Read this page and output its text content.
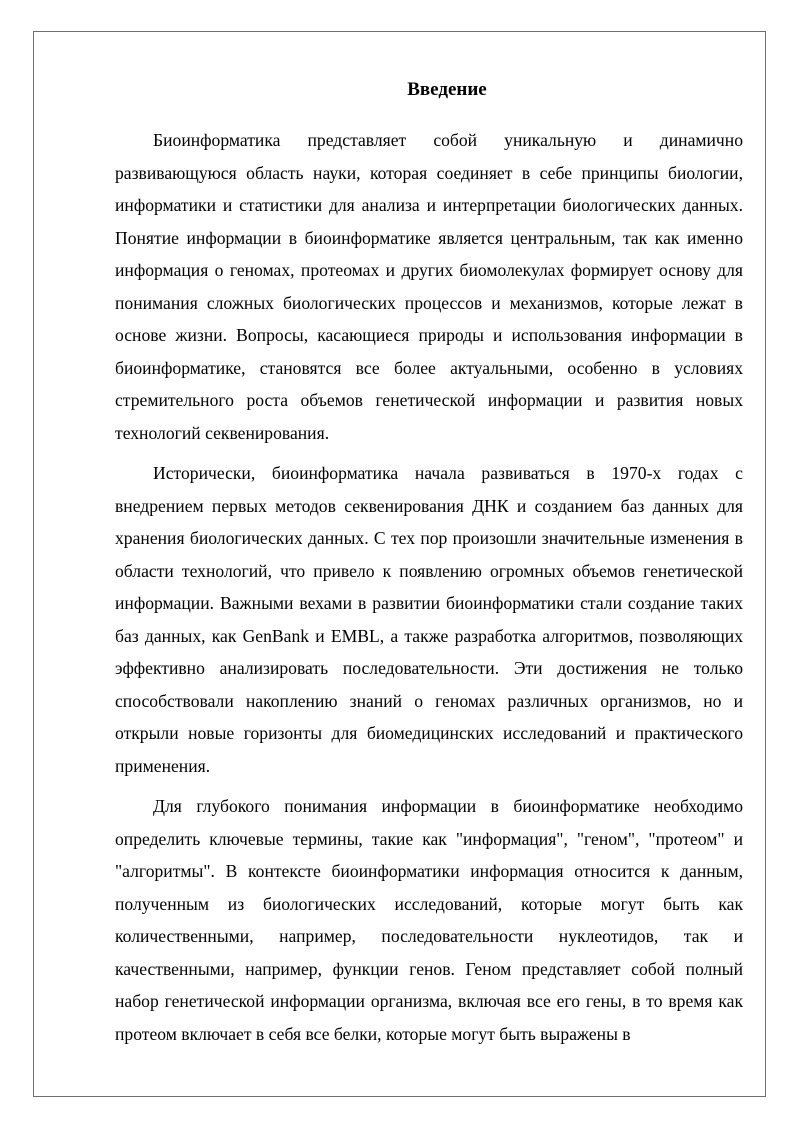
Введение

Биоинформатика представляет собой уникальную и динамично развивающуюся область науки, которая соединяет в себе принципы биологии, информатики и статистики для анализа и интерпретации биологических данных. Понятие информации в биоинформатике является центральным, так как именно информация о геномах, протеомах и других биомолекулах формирует основу для понимания сложных биологических процессов и механизмов, которые лежат в основе жизни. Вопросы, касающиеся природы и использования информации в биоинформатике, становятся все более актуальными, особенно в условиях стремительного роста объемов генетической информации и развития новых технологий секвенирования.

Исторически, биоинформатика начала развиваться в 1970-х годах с внедрением первых методов секвенирования ДНК и созданием баз данных для хранения биологических данных. С тех пор произошли значительные изменения в области технологий, что привело к появлению огромных объемов генетической информации. Важными вехами в развитии биоинформатики стали создание таких баз данных, как GenBank и EMBL, а также разработка алгоритмов, позволяющих эффективно анализировать последовательности. Эти достижения не только способствовали накоплению знаний о геномах различных организмов, но и открыли новые горизонты для биомедицинских исследований и практического применения.

Для глубокого понимания информации в биоинформатике необходимо определить ключевые термины, такие как "информация", "геном", "протеом" и "алгоритмы". В контексте биоинформатики информация относится к данным, полученным из биологических исследований, которые могут быть как количественными, например, последовательности нуклеотидов, так и качественными, например, функции генов. Геном представляет собой полный набор генетической информации организма, включая все его гены, в то время как протеом включает в себя все белки, которые могут быть выражены в
